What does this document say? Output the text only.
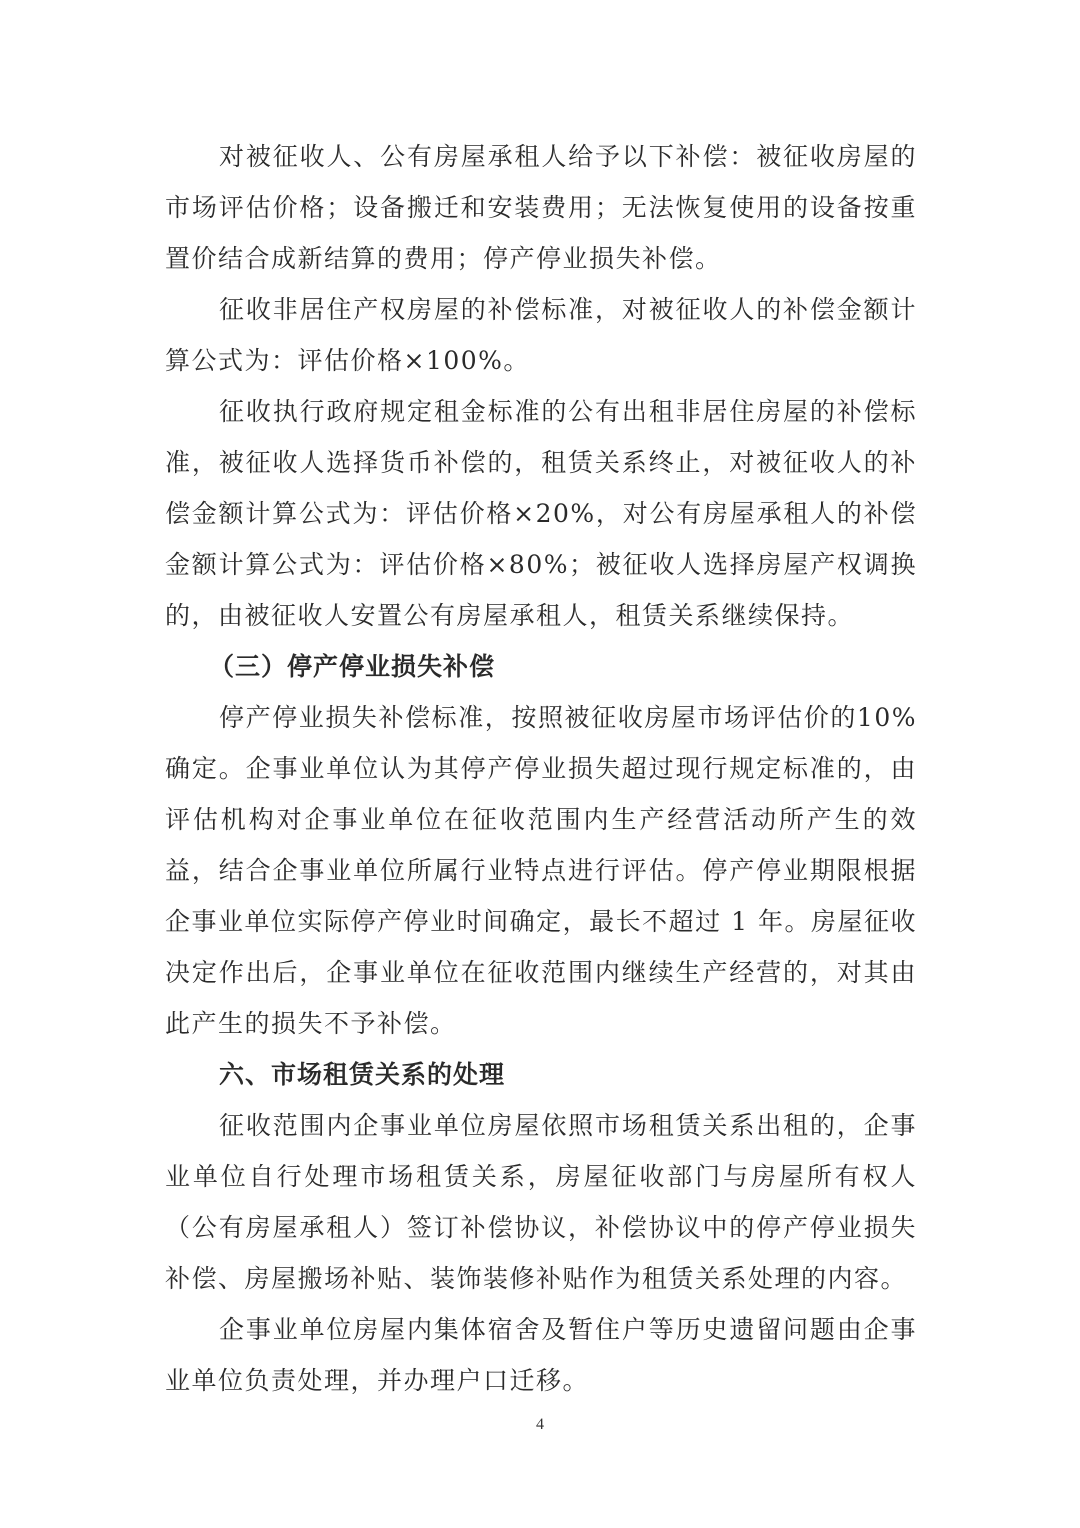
对被征收人、公有房屋承租人给予以下补偿：被征收房屋的市场评估价格；设备搬迁和安装费用；无法恢复使用的设备按重置价结合成新结算的费用；停产停业损失补偿。

征收非居住产权房屋的补偿标准，对被征收人的补偿金额计算公式为：评估价格×100%。

征收执行政府规定租金标准的公有出租非居住房屋的补偿标准，被征收人选择货币补偿的，租赁关系终止，对被征收人的补偿金额计算公式为：评估价格×20%，对公有房屋承租人的补偿金额计算公式为：评估价格×80%；被征收人选择房屋产权调换的，由被征收人安置公有房屋承租人，租赁关系继续保持。

（三）停产停业损失补偿

停产停业损失补偿标准，按照被征收房屋市场评估价的10%确定。企事业单位认为其停产停业损失超过现行规定标准的，由评估机构对企事业单位在征收范围内生产经营活动所产生的效益，结合企事业单位所属行业特点进行评估。停产停业期限根据企事业单位实际停产停业时间确定，最长不超过 1 年。房屋征收决定作出后，企事业单位在征收范围内继续生产经营的，对其由此产生的损失不予补偿。

六、市场租赁关系的处理

征收范围内企事业单位房屋依照市场租赁关系出租的，企事业单位自行处理市场租赁关系，房屋征收部门与房屋所有权人（公有房屋承租人）签订补偿协议，补偿协议中的停产停业损失补偿、房屋搬场补贴、装饰装修补贴作为租赁关系处理的内容。

企事业单位房屋内集体宿舍及暂住户等历史遗留问题由企事业单位负责处理，并办理户口迁移。

4
